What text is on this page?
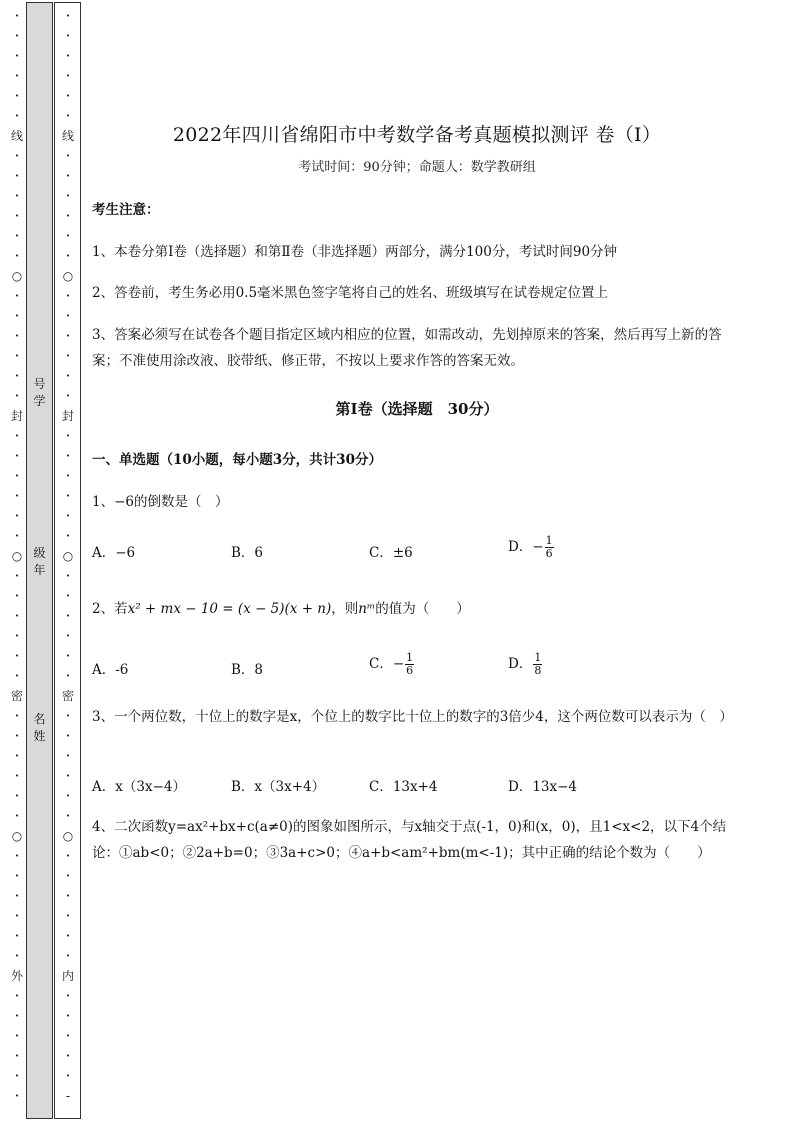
•
•
•
•
•
•
线
•
•
•
•
•
•
○
•
•
•
•
•
•
封
•
•
•
•
•
•
○
•
•
•
•
•
•
密
•
•
•
•
•
•
○
•
•
•
•
•
•
外
•
•
•
•
•
•
号
学
级
年
名
姓
•
•
•
•
•
•
线
•
•
•
•
•
•
○
•
•
•
•
•
•
封
•
•
•
•
•
•
○
•
•
•
•
•
•
密
•
•
•
•
•
•
○
•
•
•
•
•
•
内
•
•
•
•
•
-
2022年四川省绵阳市中考数学备考真题模拟测评 卷（Ⅰ）
考试时间：90分钟；命题人：数学教研组
考生注意：
1、本卷分第I卷（选择题）和第Ⅱ卷（非选择题）两部分，满分100分，考试时间90分钟
2、答卷前，考生务必用0.5毫米黑色签字笔将自己的姓名、班级填写在试卷规定位置上
3、答案必须写在试卷各个题目指定区域内相应的位置，如需改动，先划掉原来的答案，然后再写上新的答案；不准使用涂改液、胶带纸、修正带，不按以上要求作答的答案无效。
第Ⅰ卷（选择题　30分）
一、单选题（10小题，每小题3分，共计30分）
1、−6的倒数是（　）
A．−6	B．6	C．±6	D．− $\frac{1}{6}$
2、若x² + mx − 10 = (x − 5)(x + n)，则nᵐ的值为（　　）
A．-6	B．8	C．− $\frac{1}{6}$	D． $\frac{1}{8}$
3、一个两位数，十位上的数字是x，个位上的数字比十位上的数字的3倍少4，这个两位数可以表示为（　）
A．x（3x−4）	B．x（3x+4）	C．13x+4	D．13x−4
4、二次函数y=ax²+bx+c(a≠0)的图象如图所示，与x轴交于点(-1，0)和(x，0)，且1<x<2，以下4个结论：①ab<0；②2a+b=0；③3a+c>0；④a+b<am²+bm(m<-1)；其中正确的结论个数为（　　）
